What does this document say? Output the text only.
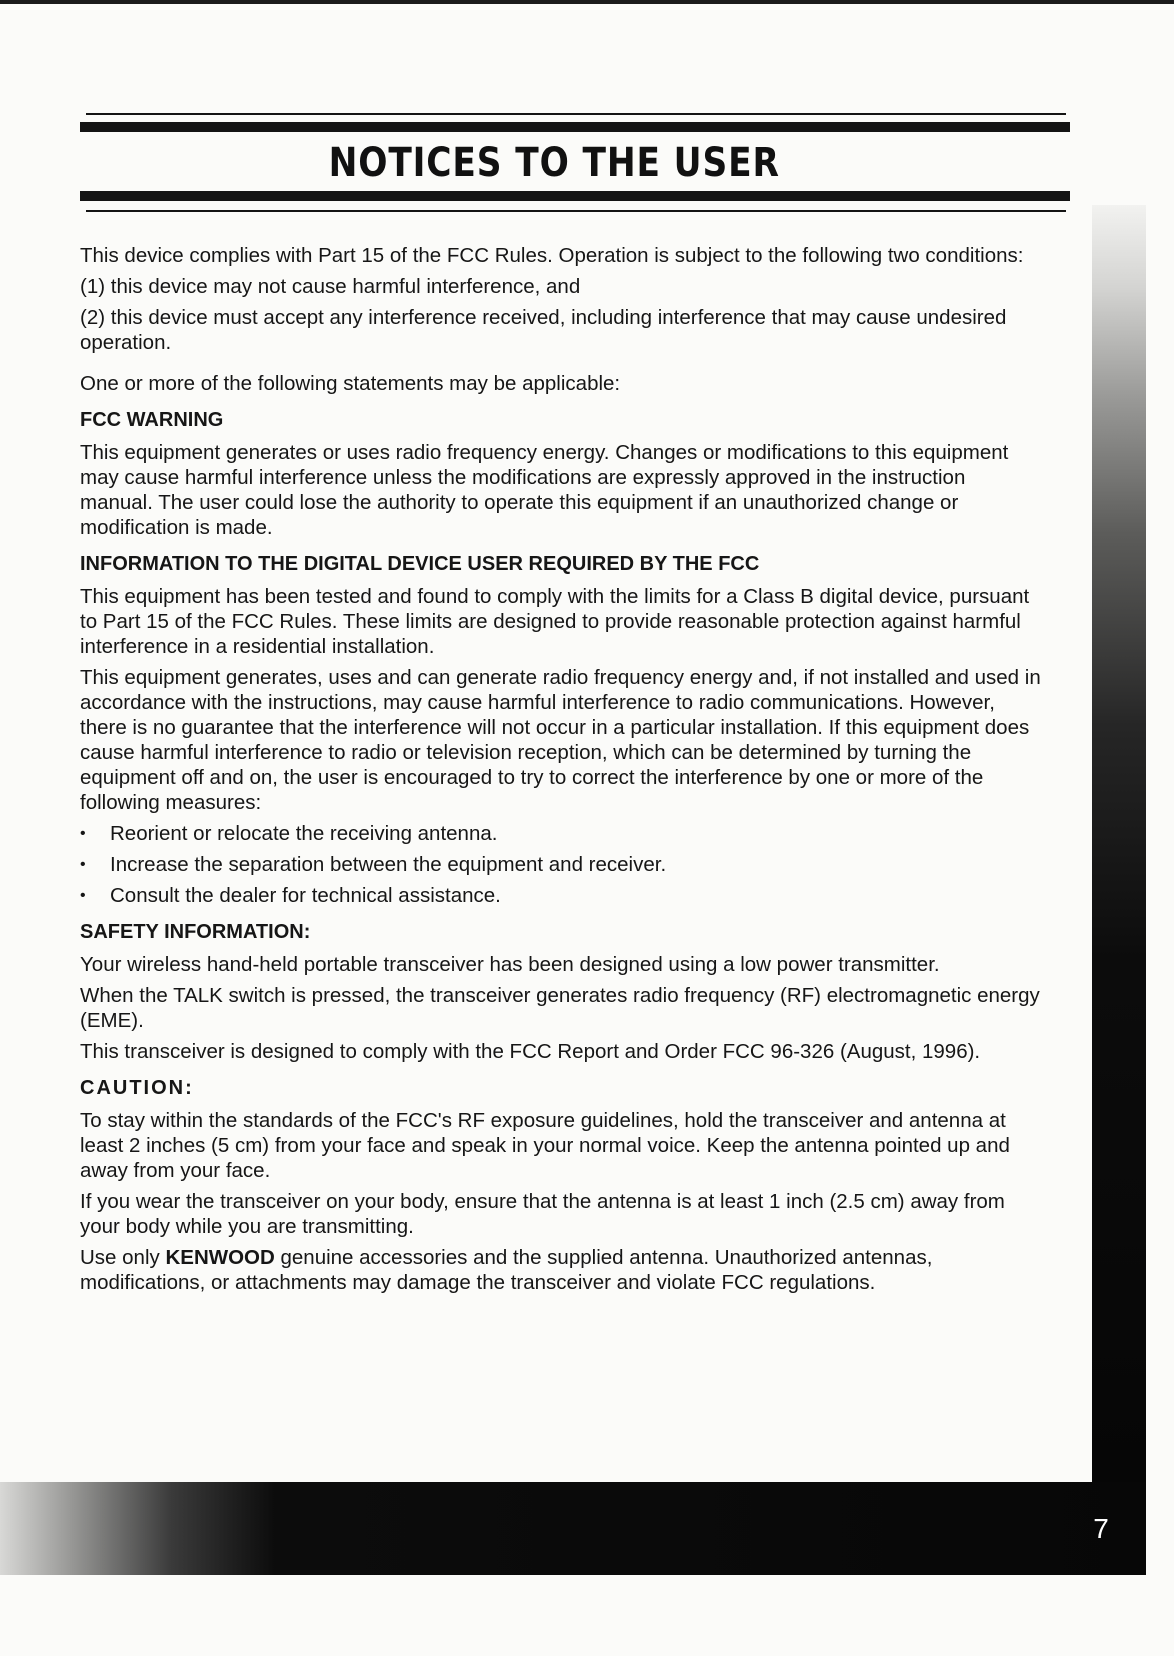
NOTICES TO THE USER

This device complies with Part 15 of the FCC Rules. Operation is subject to the following two conditions:

(1) this device may not cause harmful interference, and

(2) this device must accept any interference received, including interference that may cause undesired operation.

One or more of the following statements may be applicable:

FCC WARNING

This equipment generates or uses radio frequency energy. Changes or modifications to this equipment may cause harmful interference unless the modifications are expressly approved in the instruction manual. The user could lose the authority to operate this equipment if an unauthorized change or modification is made.

INFORMATION TO THE DIGITAL DEVICE USER REQUIRED BY THE FCC

This equipment has been tested and found to comply with the limits for a Class B digital device, pursuant to Part 15 of the FCC Rules. These limits are designed to provide reasonable protection against harmful interference in a residential installation.

This equipment generates, uses and can generate radio frequency energy and, if not installed and used in accordance with the instructions, may cause harmful interference to radio communications. However, there is no guarantee that the interference will not occur in a particular installation. If this equipment does cause harmful interference to radio or television reception, which can be determined by turning the equipment off and on, the user is encouraged to try to correct the interference by one or more of the following measures:

• Reorient or relocate the receiving antenna.
• Increase the separation between the equipment and receiver.
• Consult the dealer for technical assistance.
SAFETY INFORMATION:

Your wireless hand-held portable transceiver has been designed using a low power transmitter.

When the TALK switch is pressed, the transceiver generates radio frequency (RF) electromagnetic energy (EME).

This transceiver is designed to comply with the FCC Report and Order FCC 96-326 (August, 1996).

CAUTION:

To stay within the standards of the FCC's RF exposure guidelines, hold the transceiver and antenna at least 2 inches (5 cm) from your face and speak in your normal voice. Keep the antenna pointed up and away from your face.

If you wear the transceiver on your body, ensure that the antenna is at least 1 inch (2.5 cm) away from your body while you are transmitting.

Use only KENWOOD genuine accessories and the supplied antenna. Unauthorized antennas, modifications, or attachments may damage the transceiver and violate FCC regulations.

7
